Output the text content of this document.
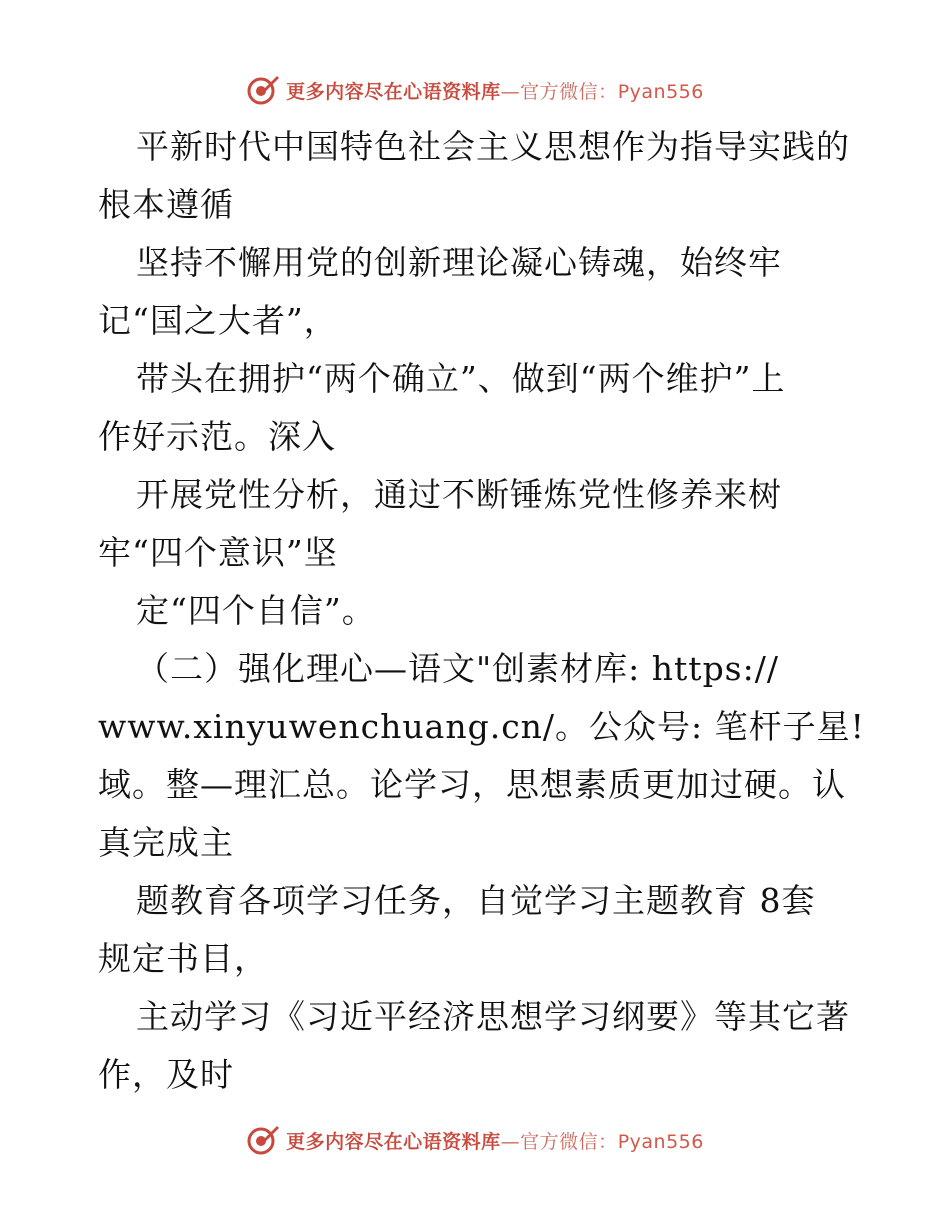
更多内容尽在心语资料库—官方微信：Pyan556
平新时代中国特色社会主义思想作为指导实践的
根本遵循
坚持不懈用党的创新理论凝心铸魂，始终牢
记“国之大者”，
带头在拥护“两个确立”、做到“两个维护”上
作好示范。深入
开展党性分析，通过不断锤炼党性修养来树
牢“四个意识”坚
定“四个自信”。
（二）强化理心—语文"创素材库: https://
www.xinyuwenchuang.cn/。公众号: 笔杆子星!
域。整—理汇总。论学习，思想素质更加过硬。认
真完成主
题教育各项学习任务，自觉学习主题教育 8套
规定书目，
主动学习《习近平经济思想学习纲要》等其它著
作，及时
更多内容尽在心语资料库—官方微信：Pyan556
